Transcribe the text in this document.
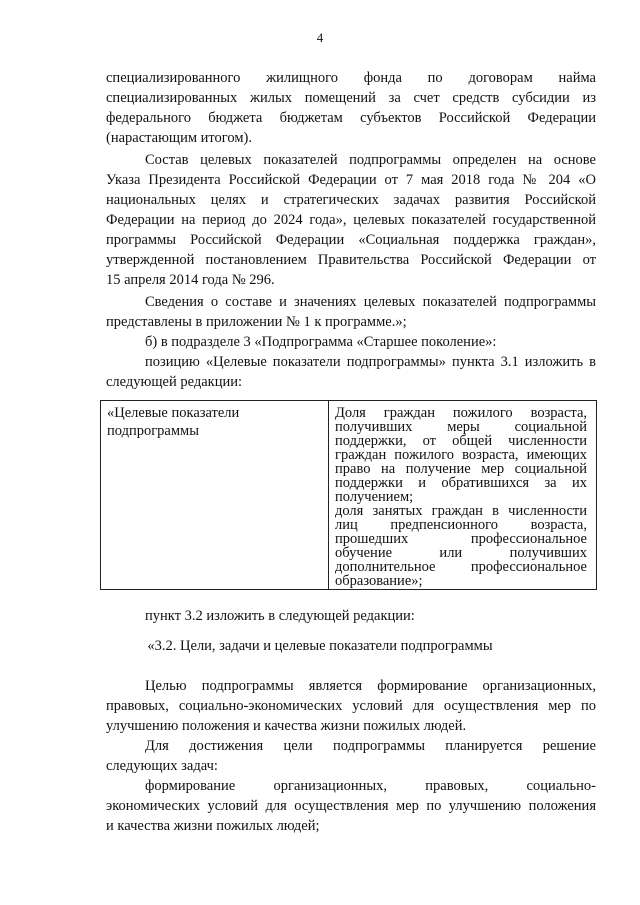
4
специализированного жилищного фонда по договорам найма
специализированных жилых помещений за счет средств субсидии из
федерального бюджета бюджетам субъектов Российской Федерации
(нарастающим итогом).
Состав целевых показателей подпрограммы определен на основе
Указа Президента Российской Федерации от 7 мая 2018 года № 204 «О
национальных целях и стратегических задачах развития Российской
Федерации на период до 2024 года», целевых показателей государственной
программы Российской Федерации «Социальная поддержка граждан»,
утвержденной постановлением Правительства Российской Федерации от
15 апреля 2014 года № 296.
Сведения о составе и значениях целевых показателей подпрограммы
представлены в приложении № 1 к программе.»;
б) в подразделе 3 «Подпрограмма «Старшее поколение»:
позицию «Целевые показатели подпрограммы» пункта 3.1 изложить в
следующей редакции:
«Целевые показатели
подпрограммы
Доля граждан пожилого возраста,
получивших меры социальной
поддержки, от общей численности
граждан пожилого возраста, имеющих
право на получение мер социальной
поддержки и обратившихся за их
получением;
доля занятых граждан в численности
лиц предпенсионного возраста,
прошедших профессиональное
обучение или получивших
дополнительное профессиональное
образование»;
пункт 3.2 изложить в следующей редакции:
«3.2. Цели, задачи и целевые показатели подпрограммы
Целью подпрограммы является формирование организационных,
правовых, социально-экономических условий для осуществления мер по
улучшению положения и качества жизни пожилых людей.
Для достижения цели подпрограммы планируется решение
следующих задач:
формирование организационных, правовых, социально-
экономических условий для осуществления мер по улучшению положения
и качества жизни пожилых людей;
